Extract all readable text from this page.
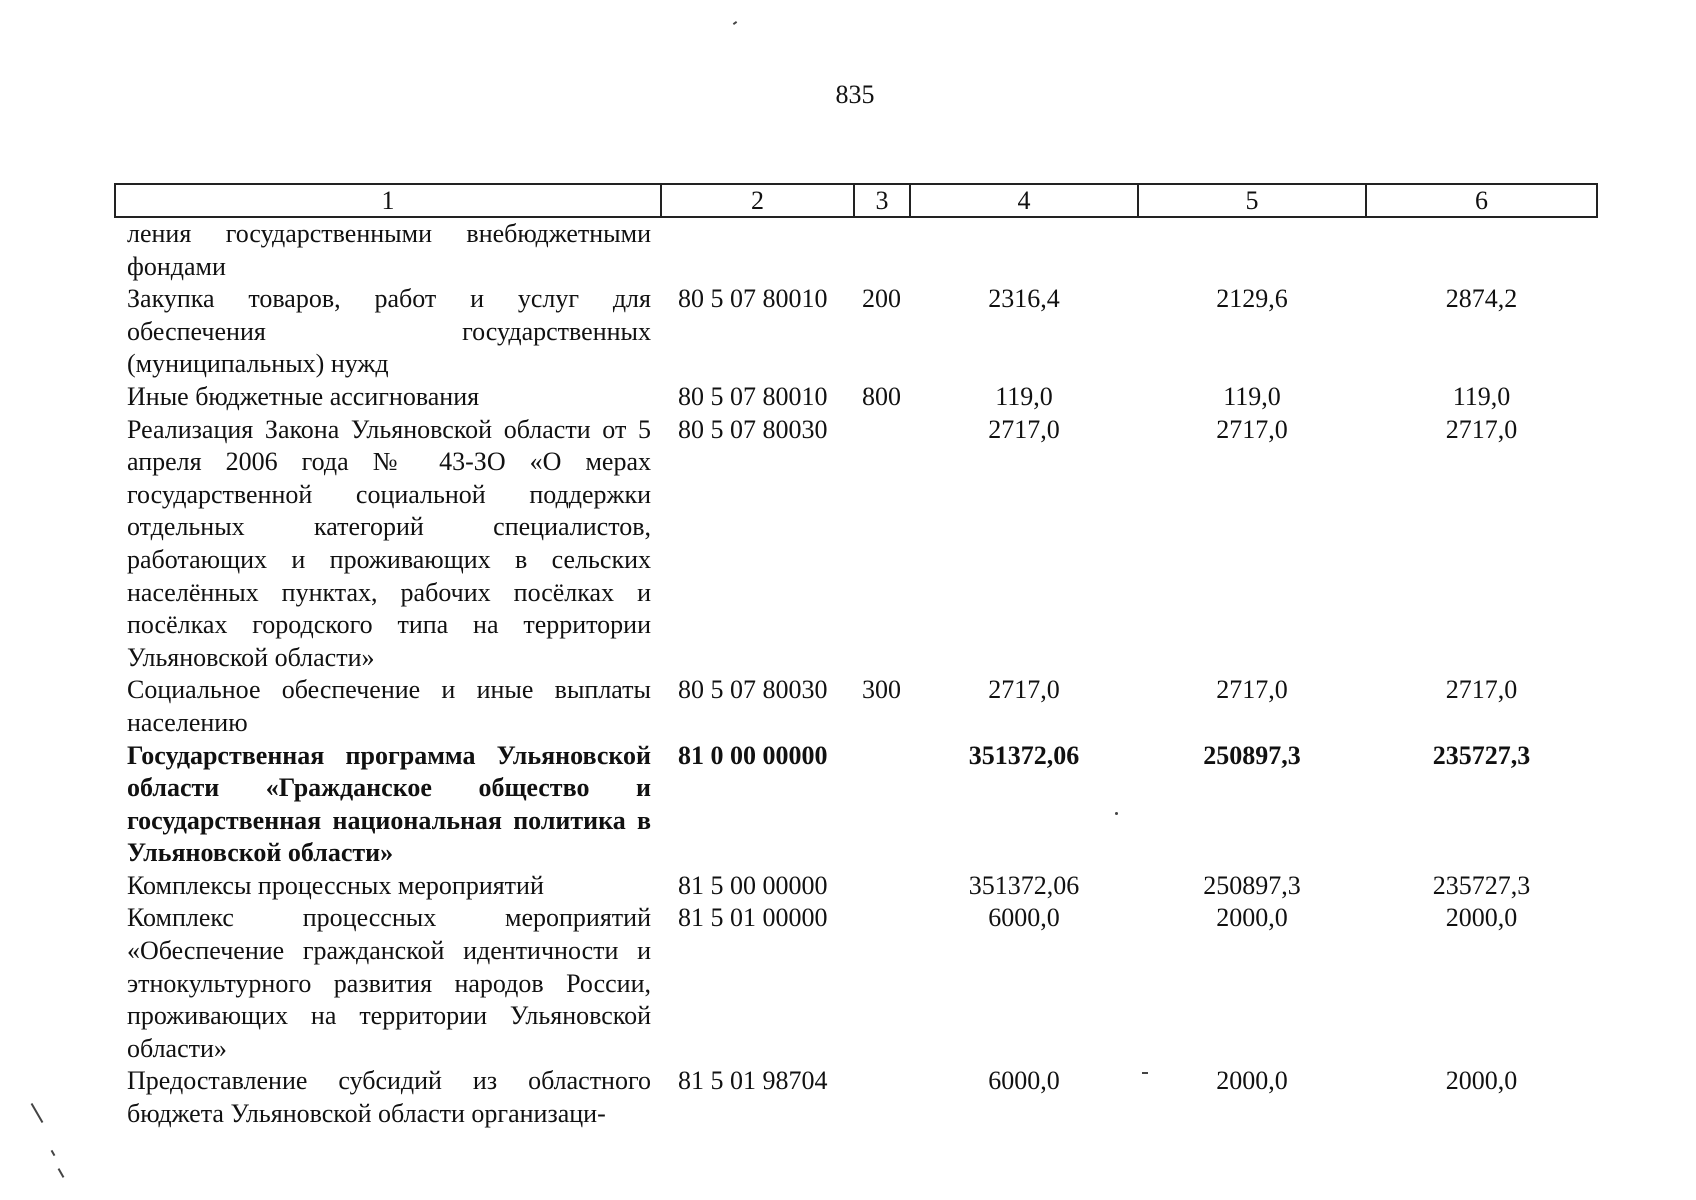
835
1	2	3	4	5	6
ления государственными внебюджетными фондами					
Закупка товаров, работ и услуг для обеспечения государственных (муниципальных) нужд	80 5 07 80010	200	2316,4	2129,6	2874,2
Иные бюджетные ассигнования	80 5 07 80010	800	119,0	119,0	119,0
Реализация Закона Ульяновской области от 5 апреля 2006 года № 43-ЗО «О мерах государственной социальной поддержки отдельных категорий специалистов, работающих и проживающих в сельских населённых пунктах, рабочих посёлках и посёлках городского типа на территории Ульяновской области»	80 5 07 80030		2717,0	2717,0	2717,0
Социальное обеспечение и иные выплаты населению	80 5 07 80030	300	2717,0	2717,0	2717,0
Государственная программа Ульяновской области «Гражданское общество и государственная национальная политика в Ульяновской области»	81 0 00 00000		351372,06	250897,3	235727,3
Комплексы процессных мероприятий	81 5 00 00000		351372,06	250897,3	235727,3
Комплекс процессных мероприятий «Обеспечение гражданской идентичности и этнокультурного развития народов России, проживающих на территории Ульяновской области»	81 5 01 00000		6000,0	2000,0	2000,0
Предоставление субсидий из областного бюджета Ульяновской области организаци-	81 5 01 98704		6000,0	2000,0	2000,0
